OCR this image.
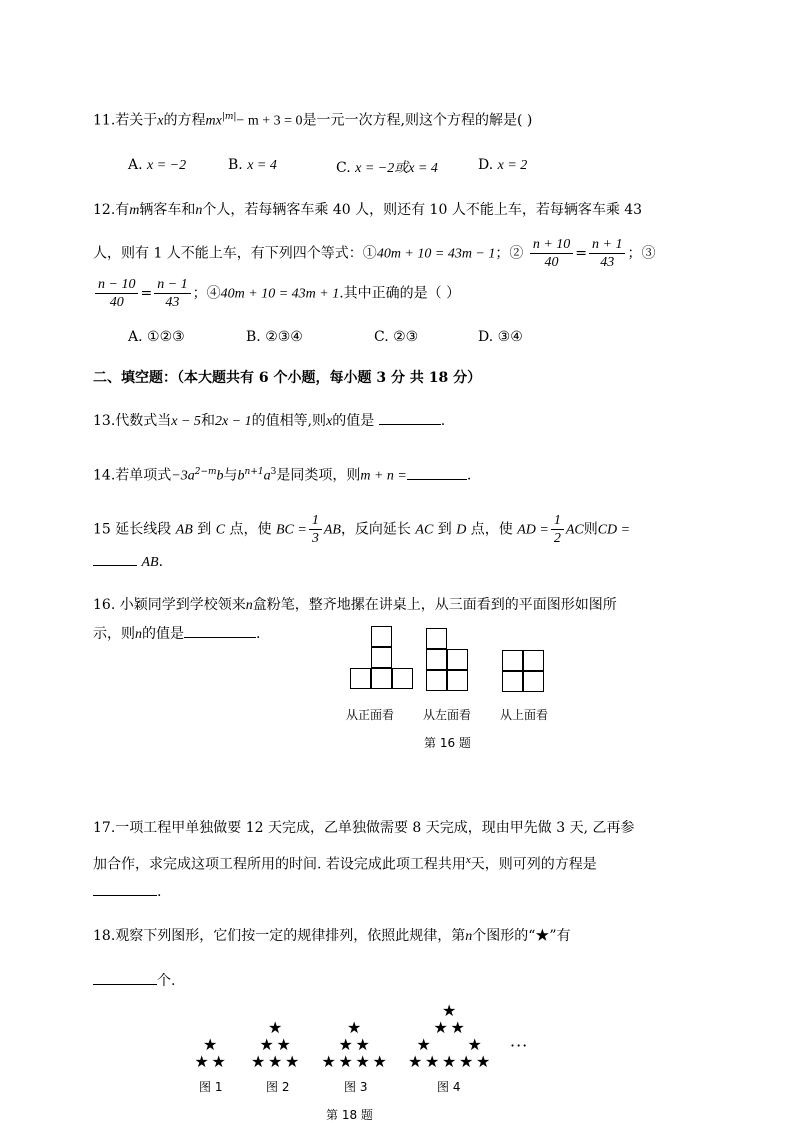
11.若关于x的方程$mx^{|m|}- m + 3 = 0$是一元一次方程,则这个方程的解是( )
A. x = −2	B. x = 4	C. x = −2或x = 4	D. x = 2
12.有m辆客车和n个人，若每辆客车乘 40 人，则还有 10 人不能上车，若每辆客车乘 43
人，则有 1 人不能上车，有下列四个等式：①40m + 10 = 43m − 1；② $\frac{n + 10}{40} = \frac{n + 1}{43}$ ；③
$\frac{n - 10}{40} = \frac{n - 1}{43}$ ；④40m + 10 = 43m + 1.其中正确的是（ ）
A. ①②③	B. ②③④	C. ②③	D. ③④
二、填空题：（本大题共有 6 个小题，每小题 3 分 共 18 分）
13.代数式当x − 5和2x − 1的值相等,则x的值是	.
14.若单项式$-3a^{2-m}b$与$b^{n+1}a^3$是同类项，则m + n =	.
15 延长线段 AB 到 C 点，使 BC = $\frac{1}{3}$ AB，反向延长 AC 到 D 点，使 AD = $\frac{1}{2}$ AC则CD =
AB.
16. 小颖同学到学校领来n盒粉笔，整齐地摞在讲桌上，从三面看到的平面图形如图所
示，则n的值是	.
从正面看 从左面看 从上面看
第 16 题
17.一项工程甲单独做要 12 天完成，乙单独做需要 8 天完成，现由甲先做 3 天, 乙再参
加合作，求完成这项工程所用的时间. 若设完成此项工程共用$^x$天，则可列的方程是
.
18.观察下列图形，它们按一定的规律排列，依照此规律，第n个图形的“★”有
个.
★
★ ★
★
★ ★
★ ★ ★
★
★ ★
★ ★ ★ ★
★
★ ★
★ ★
★ ★ ★ ★ ★
···
图 1	图 2	图 3	图 4
第 18 题
